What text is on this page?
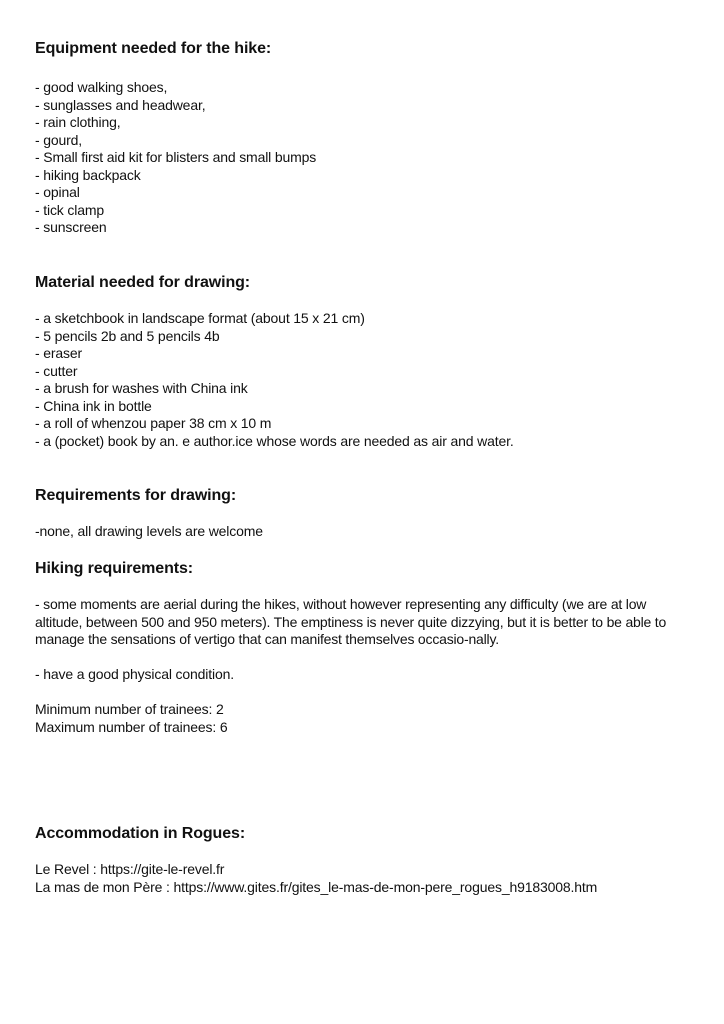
Equipment needed for the hike:
- good walking shoes,
- sunglasses and headwear,
- rain clothing,
- gourd,
- Small first aid kit for blisters and small bumps
- hiking backpack
- opinal
- tick clamp
- sunscreen
Material needed for drawing:
- a sketchbook in landscape format (about 15 x 21 cm)
- 5 pencils 2b and 5 pencils 4b
- eraser
- cutter
- a brush for washes with China ink
- China ink in bottle
- a roll of whenzou paper 38 cm x 10 m
- a (pocket) book by an. e author.ice whose words are needed as air and water.
Requirements for drawing:
-none, all drawing levels are welcome
Hiking requirements:

- some moments are aerial during the hikes, without however representing any difficulty (we are at low altitude, between 500 and 950 meters). The emptiness is never quite dizzying, but it is better to be able to manage the sensations of vertigo that can manifest themselves occasio-nally.

- have a good physical condition.
Minimum number of trainees: 2
Maximum number of trainees: 6
Accommodation in Rogues:
Le Revel : https://gite-le-revel.fr
La mas de mon Père : https://www.gites.fr/gites_le-mas-de-mon-pere_rogues_h9183008.htm
